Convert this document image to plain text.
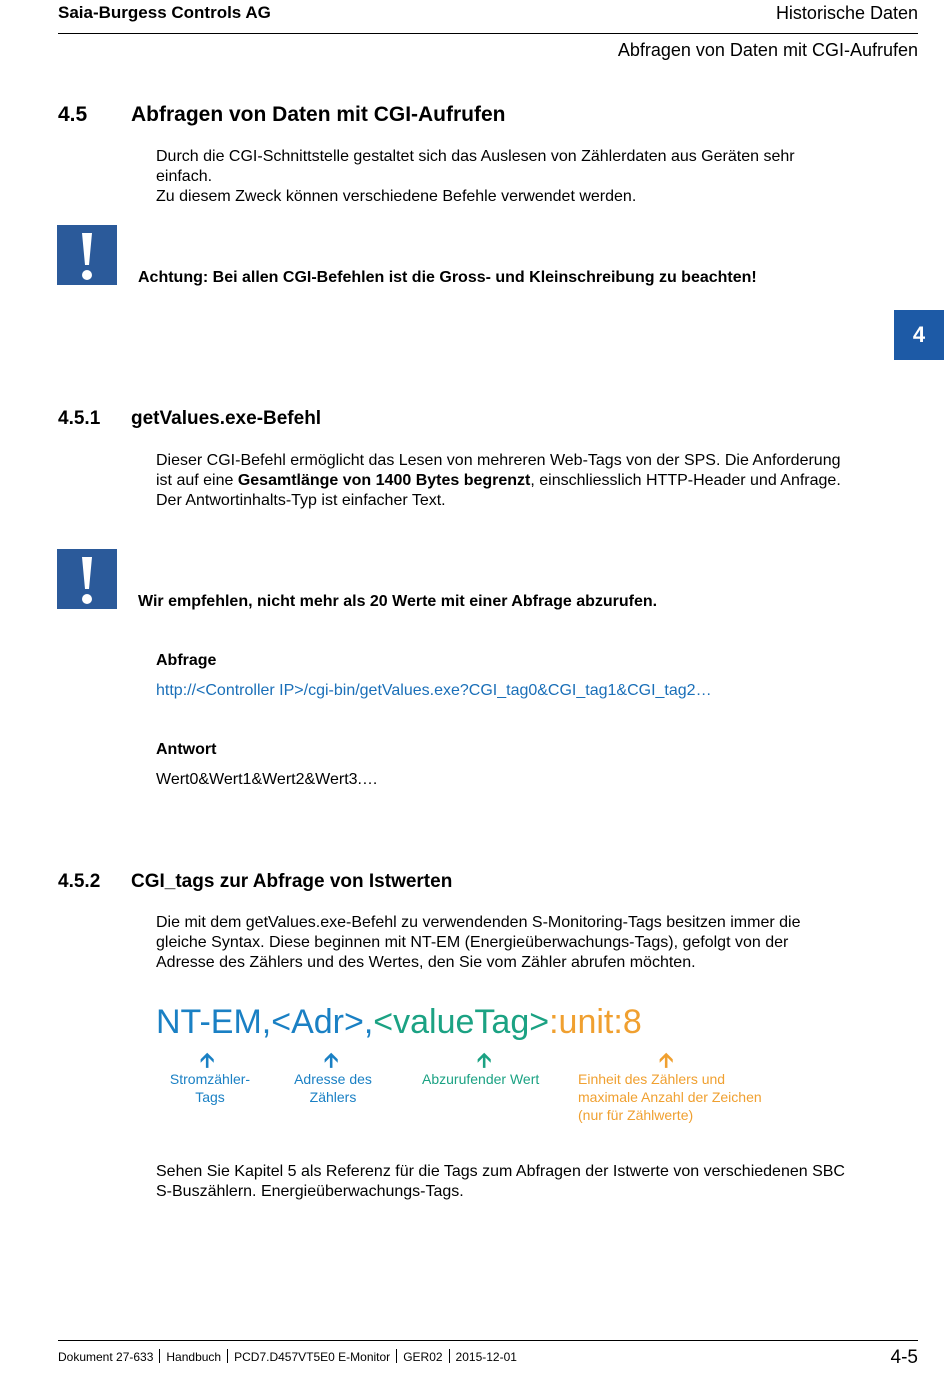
Saia-Burgess Controls AG	Historische Daten
Abfragen von Daten mit CGI-Aufrufen
4
4.5 Abfragen von Daten mit CGI-Aufrufen

Durch die CGI-Schnittstelle gestaltet sich das Auslesen von Zählerdaten aus Geräten sehr einfach.

Zu diesem Zweck können verschiedene Befehle verwendet werden.

Achtung: Bei allen CGI-Befehlen ist die Gross- und Kleinschreibung zu beachten!
4.5.1 getValues.exe-Befehl

Dieser CGI-Befehl ermöglicht das Lesen von mehreren Web-Tags von der SPS. Die Anforderung ist auf eine Gesamtlänge von 1400 Bytes begrenzt, einschliesslich HTTP-Header und Anfrage.

Der Antwortinhalts-Typ ist einfacher Text.

Wir empfehlen, nicht mehr als 20 Werte mit einer Abfrage abzurufen.
Abfrage
http://<Controller IP>/cgi-bin/getValues.exe?CGI_tag0&CGI_tag1&CGI_tag2…
Antwort
Wert0&Wert1&Wert2&Wert3.…
4.5.2 CGI_tags zur Abfrage von Istwerten

Die mit dem getValues.exe-Befehl zu verwendenden S-Monitoring-Tags besitzen immer die gleiche Syntax. Diese beginnen mit NT-EM (Energieüberwachungs-Tags), gefolgt von der Adresse des Zählers und des Wertes, den Sie vom Zähler abrufen möchten.

NT-EM,<Adr>,<valueTag>:unit:8
🡩	🡩	🡩	🡩
Stromzähler-Tags
Adresse des Zählers
Abzurufender Wert	Einheit des Zählers und maximale Anzahl der Zeichen (nur für Zählwerte)

Sehen Sie Kapitel 5 als Referenz für die Tags zum Abfragen der Istwerte von verschiedenen SBC S-Buszählern. Energieüberwachungs-Tags.

Dokument 27-633 Handbuch PCD7.D457VT5E0 E-Monitor GER02 2015-12-01	4-5
